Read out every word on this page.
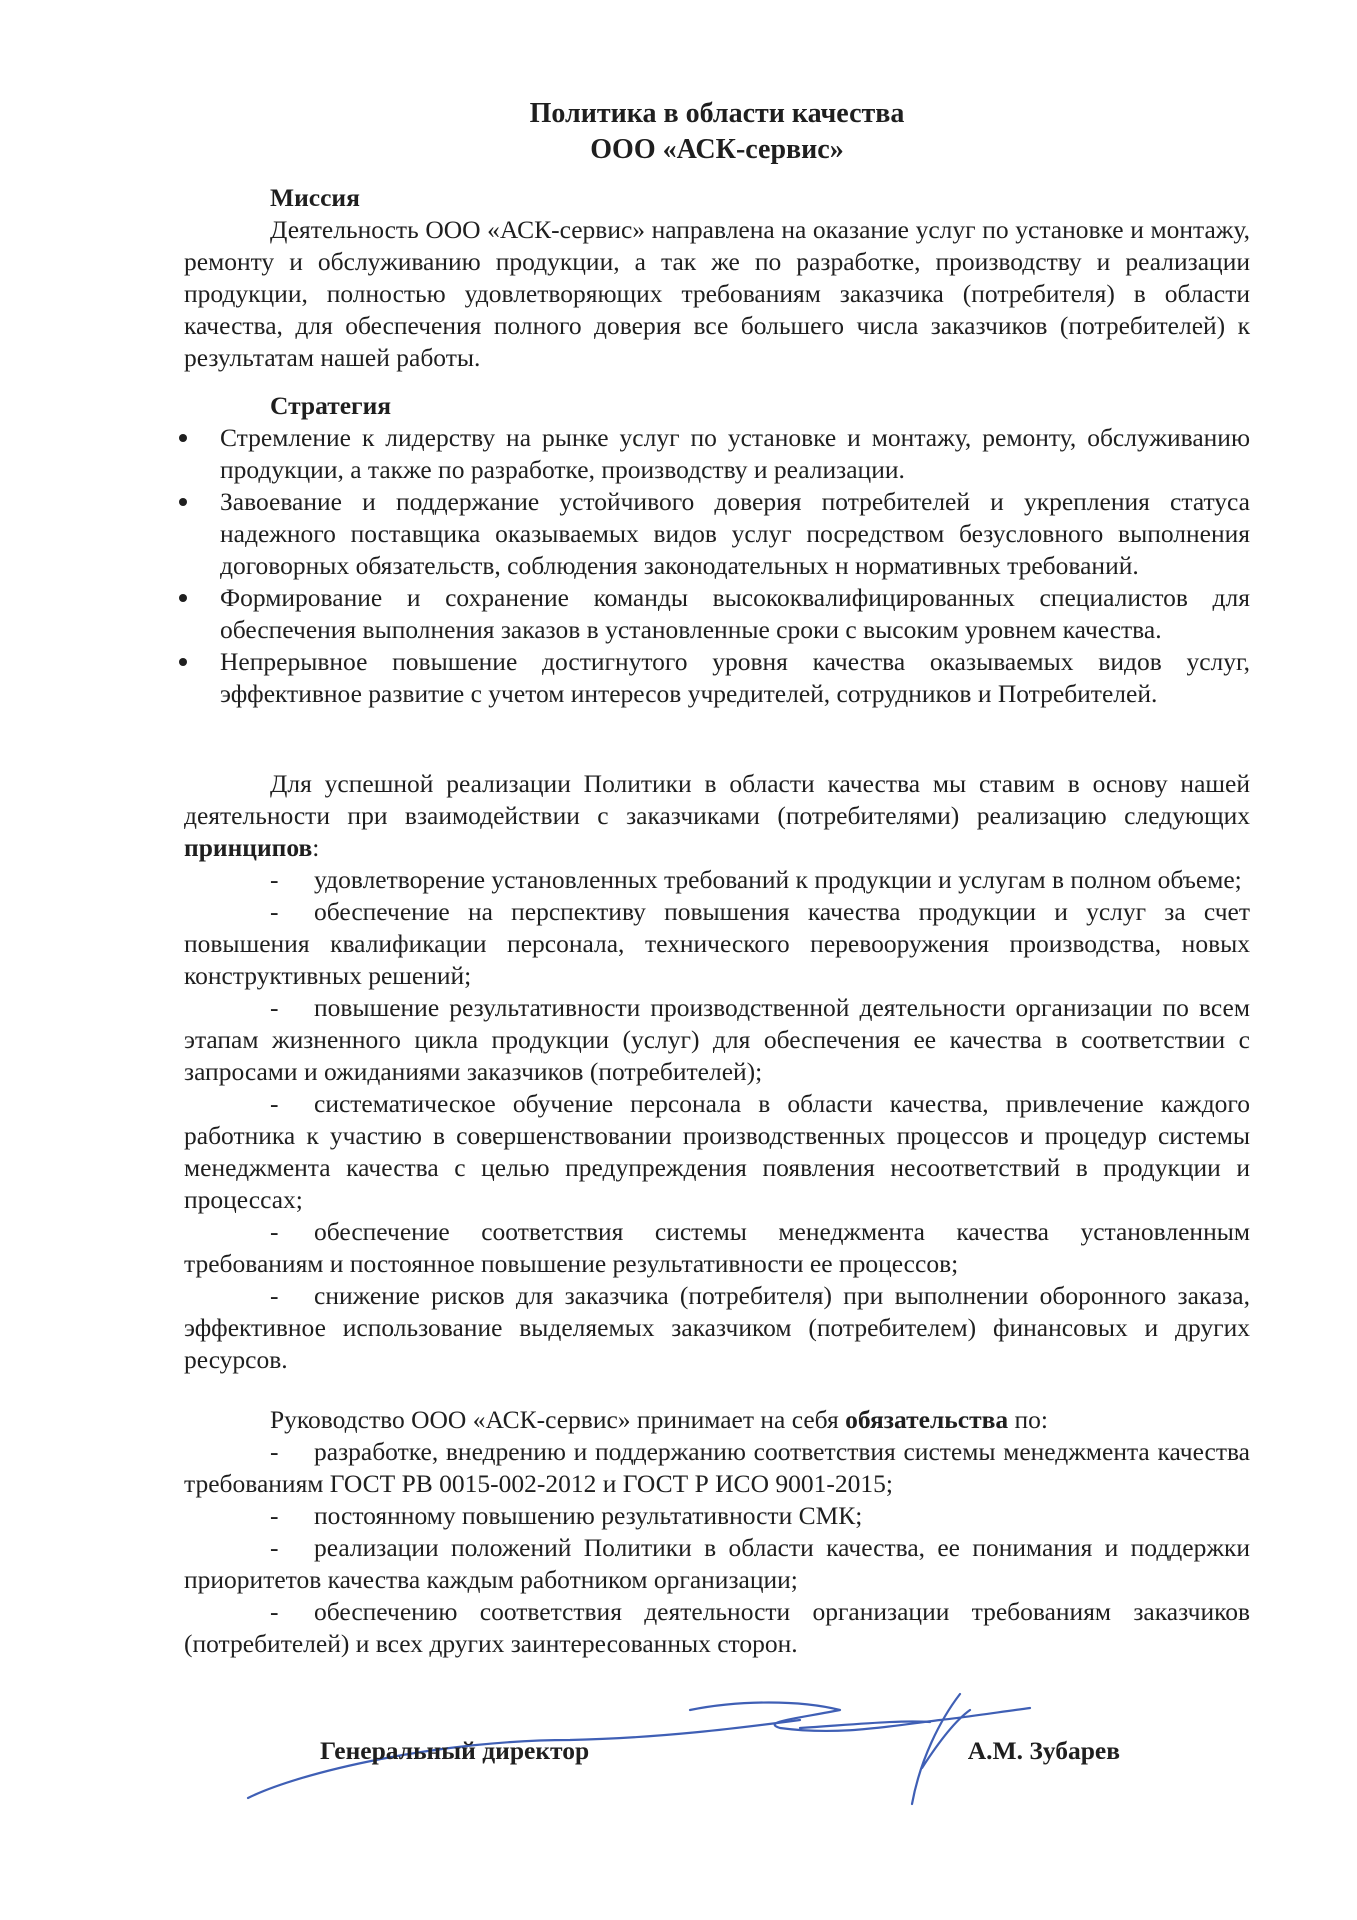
Политика в области качества
ООО «АСК-сервис»
Миссия

Деятельность ООО «АСК-сервис» направлена на оказание услуг по установке и монтажу, ремонту и обслуживанию продукции, а так же по разработке, производству и реализации продукции, полностью удовлетворяющих требованиям заказчика (потребителя) в области качества, для обеспечения полного доверия все большего числа заказчиков (потребителей) к результатам нашей работы.

Стратегия
Стремление к лидерству на рынке услуг по установке и монтажу, ремонту, обслуживанию продукции, а также по разработке, производству и реализации.
Завоевание и поддержание устойчивого доверия потребителей и укрепления статуса надежного поставщика оказываемых видов услуг посредством безусловного выполнения договорных обязательств, соблюдения законодательных н нормативных требований.
Формирование и сохранение команды высококвалифицированных специалистов для обеспечения выполнения заказов в установленные сроки с высоким уровнем качества.
Непрерывное повышение достигнутого уровня качества оказываемых видов услуг, эффективное развитие с учетом интересов учредителей, сотрудников и Потребителей.

Для успешной реализации Политики в области качества мы ставим в основу нашей деятельности при взаимодействии с заказчиками (потребителями) реализацию следующих принципов:

- удовлетворение установленных требований к продукции и услугам в полном объеме;

- обеспечение на перспективу повышения качества продукции и услуг за счет повышения квалификации персонала, технического перевооружения производства, новых конструктивных решений;

- повышение результативности производственной деятельности организации по всем этапам жизненного цикла продукции (услуг) для обеспечения ее качества в соответствии с запросами и ожиданиями заказчиков (потребителей);

- систематическое обучение персонала в области качества, привлечение каждого работника к участию в совершенствовании производственных процессов и процедур системы менеджмента качества с целью предупреждения появления несоответствий в продукции и процессах;

- обеспечение соответствия системы менеджмента качества установленным требованиям и постоянное повышение результативности ее процессов;

- снижение рисков для заказчика (потребителя) при выполнении оборонного заказа, эффективное использование выделяемых заказчиком (потребителем) финансовых и других ресурсов.

Руководство ООО «АСК-сервис» принимает на себя обязательства по:

- разработке, внедрению и поддержанию соответствия системы менеджмента качества требованиям ГОСТ РВ 0015-002-2012 и ГОСТ Р ИСО 9001-2015;

- постоянному повышению результативности СМК;

- реализации положений Политики в области качества, ее понимания и поддержки приоритетов качества каждым работником организации;

- обеспечению соответствия деятельности организации требованиям заказчиков (потребителей) и всех других заинтересованных сторон.

Генеральный директор	А.М. Зубарев
